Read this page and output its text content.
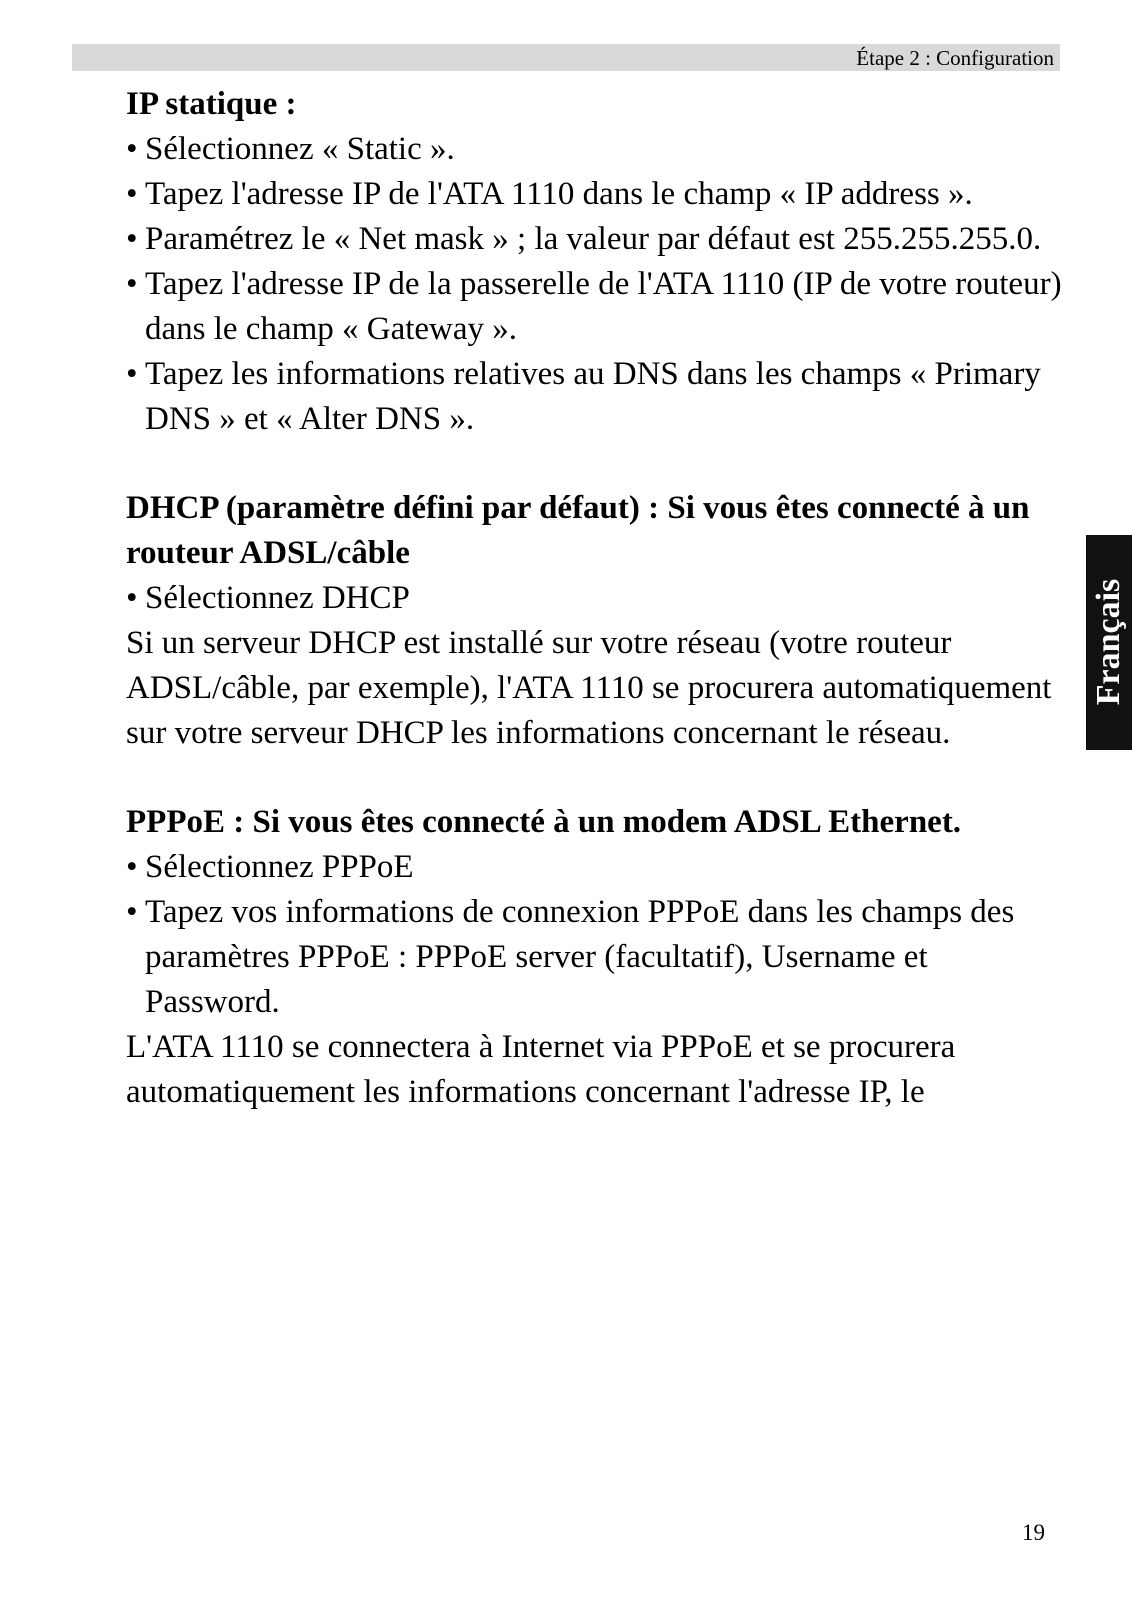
Étape 2 : Configuration

IP statique :

• Sélectionnez « Static ».

• Tapez l'adresse IP de l'ATA 1110 dans le champ « IP address ».

• Paramétrez le « Net mask » ; la valeur par défaut est 255.255.255.0.

• Tapez l'adresse IP de la passerelle de l'ATA 1110 (IP de votre routeur) dans le champ « Gateway ».

• Tapez les informations relatives au DNS dans les champs « Primary DNS » et « Alter DNS ».

DHCP (paramètre défini par défaut) : Si vous êtes connecté à un routeur ADSL/câble

• Sélectionnez DHCP

Si un serveur DHCP est installé sur votre réseau (votre routeur ADSL/câble, par exemple), l'ATA 1110 se procurera automatiquement sur votre serveur DHCP les informations concernant le réseau.

PPPoE : Si vous êtes connecté à un modem ADSL Ethernet.

• Sélectionnez PPPoE

• Tapez vos informations de connexion PPPoE dans les champs des paramètres PPPoE : PPPoE server (facultatif), Username et Password.

L'ATA 1110 se connectera à Internet via PPPoE et se procurera automatiquement les informations concernant l'adresse IP, le

Français
19
